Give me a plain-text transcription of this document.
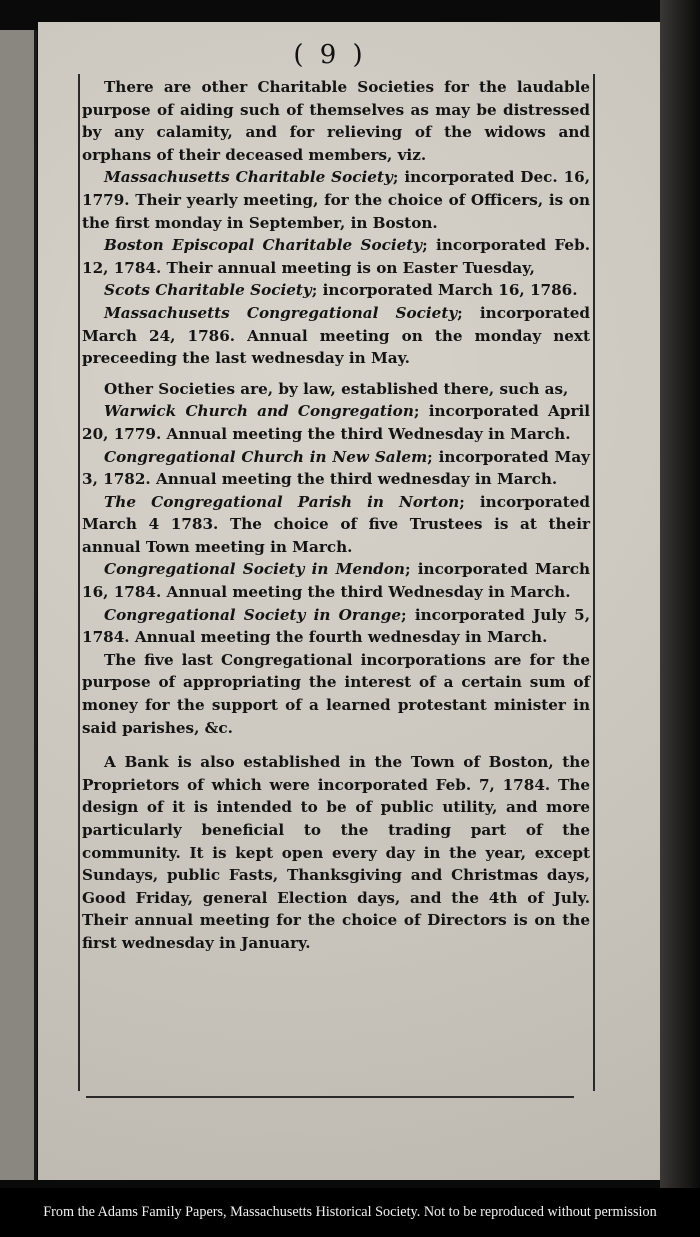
( 9 )

There are other Charitable Societies for the laudable purpose of aiding such of themselves as may be distressed by any calamity, and for relieving of the widows and orphans of their deceased members, viz.

Massachusetts Charitable Society; incorporated Dec. 16, 1779. Their yearly meeting, for the choice of Officers, is on the first monday in September, in Boston.

Boston Episcopal Charitable Society; incorporated Feb. 12, 1784. Their annual meeting is on Easter Tuesday,

Scots Charitable Society; incorporated March 16, 1786.

Massachusetts Congregational Society; incorporated March 24, 1786. Annual meeting on the monday next preceeding the last wednesday in May.

Other Societies are, by law, established there, such as,

Warwick Church and Congregation; incorporated April 20, 1779. Annual meeting the third Wednesday in March.

Congregational Church in New Salem; incorporated May 3, 1782. Annual meeting the third wednesday in March.

The Congregational Parish in Norton; incorporated March 4 1783. The choice of five Trustees is at their annual Town meeting in March.

Congregational Society in Mendon; incorporated March 16, 1784. Annual meeting the third Wednesday in March.

Congregational Society in Orange; incorporated July 5, 1784. Annual meeting the fourth wednesday in March.

The five last Congregational incorporations are for the purpose of appropriating the interest of a certain sum of money for the support of a learned protestant minister in said parishes, &c.

A Bank is also established in the Town of Boston, the Proprietors of which were incorporated Feb. 7, 1784. The design of it is intended to be of public utility, and more particularly beneficial to the trading part of the community. It is kept open every day in the year, except Sundays, public Fasts, Thanksgiving and Christmas days, Good Friday, general Election days, and the 4th of July. Their annual meeting for the choice of Directors is on the first wednesday in January.

From the Adams Family Papers, Massachusetts Historical Society. Not to be reproduced without permission
